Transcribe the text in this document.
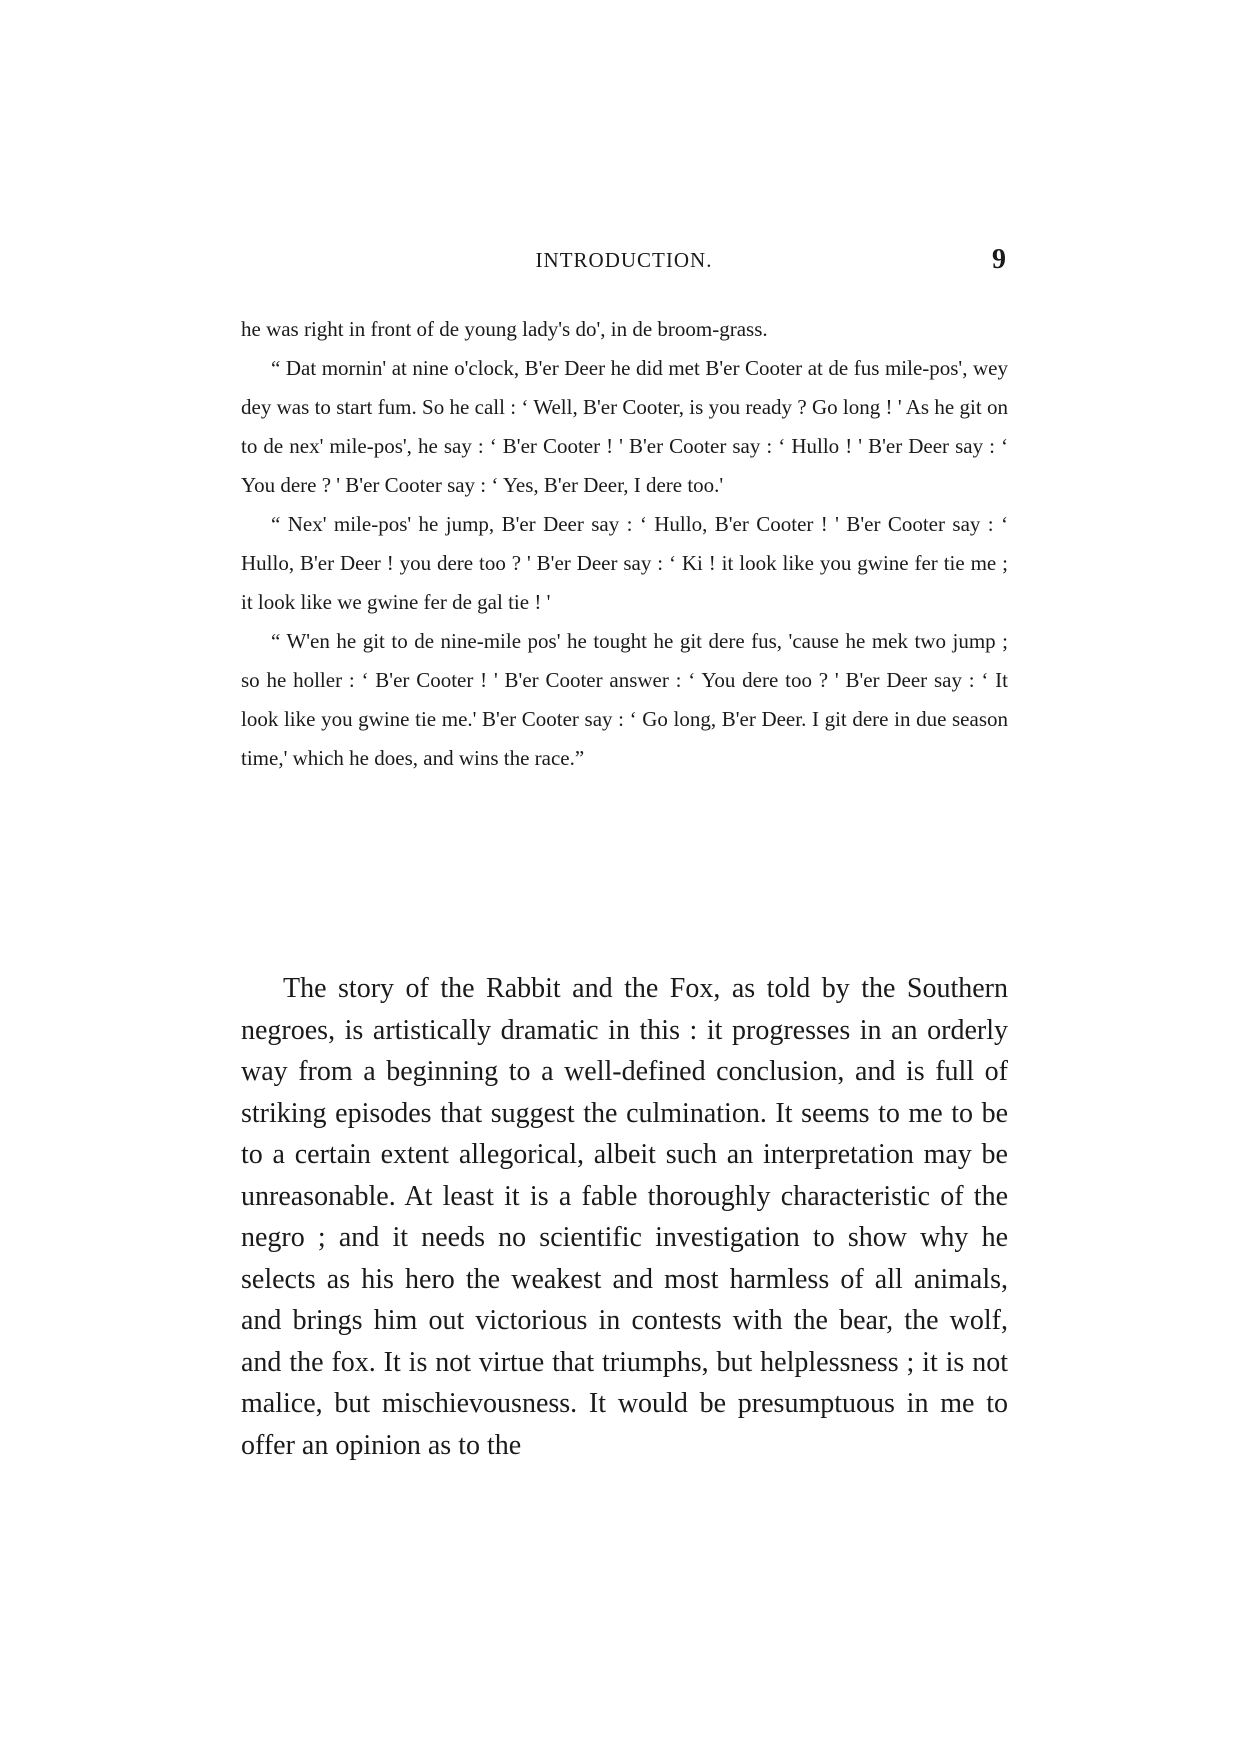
INTRODUCTION.	9

he was right in front of de young lady's do', in de broom-grass.

“ Dat mornin' at nine o'clock, B'er Deer he did met B'er Cooter at de fus mile-pos', wey dey was to start fum. So he call : ‘ Well, B'er Cooter, is you ready ? Go long ! ' As he git on to de nex' mile-pos', he say : ‘ B'er Cooter ! ' B'er Cooter say : ‘ Hullo ! ' B'er Deer say : ‘ You dere ? ' B'er Cooter say : ‘ Yes, B'er Deer, I dere too.'

“ Nex' mile-pos' he jump, B'er Deer say : ‘ Hullo, B'er Cooter ! ' B'er Cooter say : ‘ Hullo, B'er Deer ! you dere too ? ' B'er Deer say : ‘ Ki ! it look like you gwine fer tie me ; it look like we gwine fer de gal tie ! '

“ W'en he git to de nine-mile pos' he tought he git dere fus, 'cause he mek two jump ; so he holler : ‘ B'er Cooter ! ' B'er Cooter answer : ‘ You dere too ? ' B'er Deer say : ‘ It look like you gwine tie me.' B'er Cooter say : ‘ Go long, B'er Deer. I git dere in due season time,' which he does, and wins the race.”

The story of the Rabbit and the Fox, as told by the Southern negroes, is artistically dramatic in this : it progresses in an orderly way from a beginning to a well-defined conclusion, and is full of striking episodes that suggest the culmination. It seems to me to be to a certain extent allegorical, albeit such an interpretation may be unreasonable. At least it is a fable thoroughly characteristic of the negro ; and it needs no scientific investigation to show why he selects as his hero the weakest and most harmless of all animals, and brings him out victorious in contests with the bear, the wolf, and the fox. It is not virtue that triumphs, but helplessness ; it is not malice, but mischievousness. It would be presumptuous in me to offer an opinion as to the
